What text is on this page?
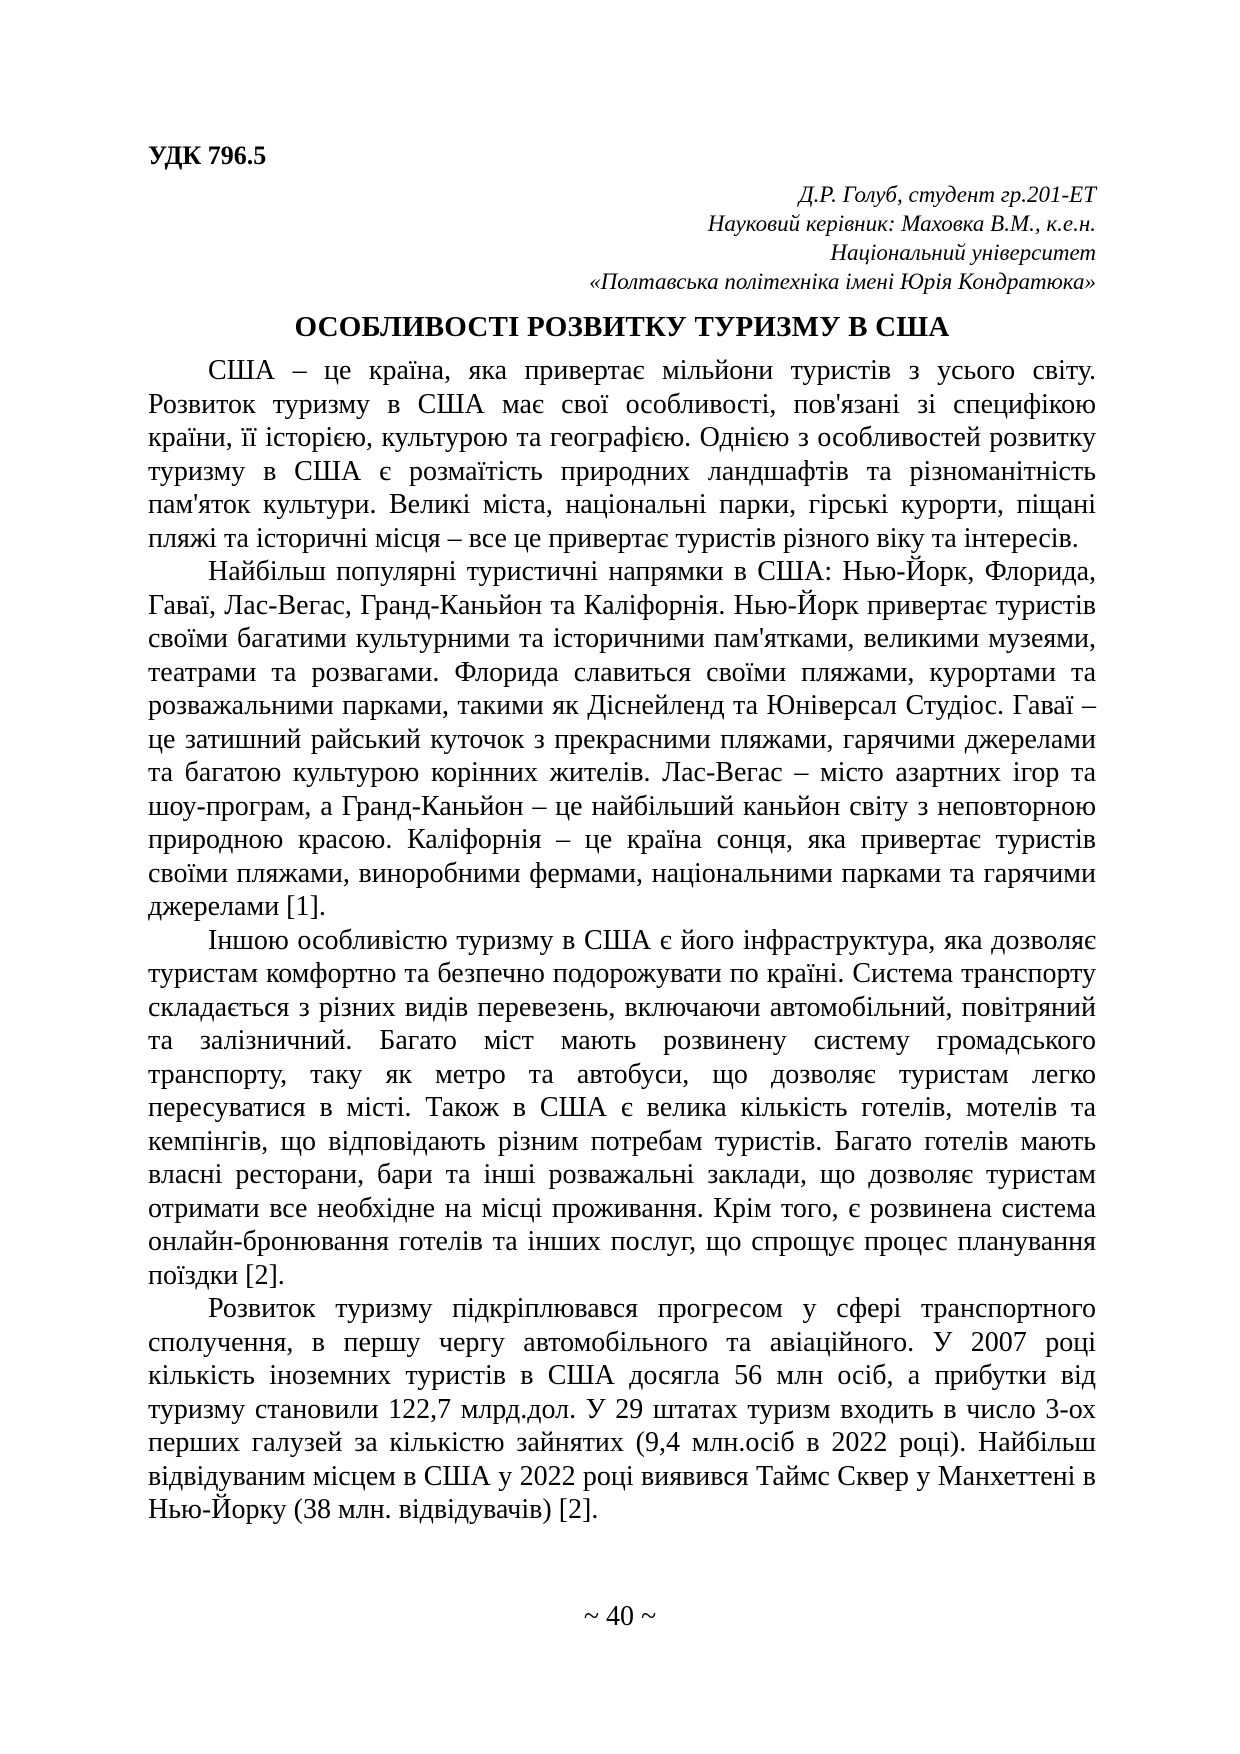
УДК 796.5
Д.Р. Голуб, студент гр.201-ЕТ
Науковий керівник: Маховка В.М., к.е.н.
Національний університет
«Полтавська політехніка імені Юрія Кондратюка»
ОСОБЛИВОСТІ РОЗВИТКУ ТУРИЗМУ В США

США – це країна, яка привертає мільйони туристів з усього світу. Розвиток туризму в США має свої особливості, пов'язані зі специфікою країни, її історією, культурою та географією. Однією з особливостей розвитку туризму в США є розмаїтість природних ландшафтів та різноманітність пам'яток культури. Великі міста, національні парки, гірські курорти, піщані пляжі та історичні місця – все це привертає туристів різного віку та інтересів.

Найбільш популярні туристичні напрямки в США: Нью-Йорк, Флорида, Гаваї, Лас-Вегас, Гранд-Каньйон та Каліфорнія. Нью-Йорк привертає туристів своїми багатими культурними та історичними пам'ятками, великими музеями, театрами та розвагами. Флорида славиться своїми пляжами, курортами та розважальними парками, такими як Діснейленд та Юніверсал Студіос. Гаваї – це затишний райський куточок з прекрасними пляжами, гарячими джерелами та багатою культурою корінних жителів. Лас-Вегас – місто азартних ігор та шоу-програм, а Гранд-Каньйон – це найбільший каньйон світу з неповторною природною красою. Каліфорнія – це країна сонця, яка привертає туристів своїми пляжами, виноробними фермами, національними парками та гарячими джерелами [1].

Іншою особливістю туризму в США є його інфраструктура, яка дозволяє туристам комфортно та безпечно подорожувати по країні. Система транспорту складається з різних видів перевезень, включаючи автомобільний, повітряний та залізничний. Багато міст мають розвинену систему громадського транспорту, таку як метро та автобуси, що дозволяє туристам легко пересуватися в місті. Також в США є велика кількість готелів, мотелів та кемпінгів, що відповідають різним потребам туристів. Багато готелів мають власні ресторани, бари та інші розважальні заклади, що дозволяє туристам отримати все необхідне на місці проживання. Крім того, є розвинена система онлайн-бронювання готелів та інших послуг, що спрощує процес планування поїздки [2].

Розвиток туризму підкріплювався прогресом у сфері транспортного сполучення, в першу чергу автомобільного та авіаційного. У 2007 році кількість іноземних туристів в США досягла 56 млн осіб, а прибутки від туризму становили 122,7 млрд.дол. У 29 штатах туризм входить в число 3-ох перших галузей за кількістю зайнятих (9,4 млн.осіб в 2022 році). Найбільш відвідуваним місцем в США у 2022 році виявився Таймс Сквер у Манхеттені в Нью-Йорку (38 млн. відвідувачів) [2].

~ 40 ~
